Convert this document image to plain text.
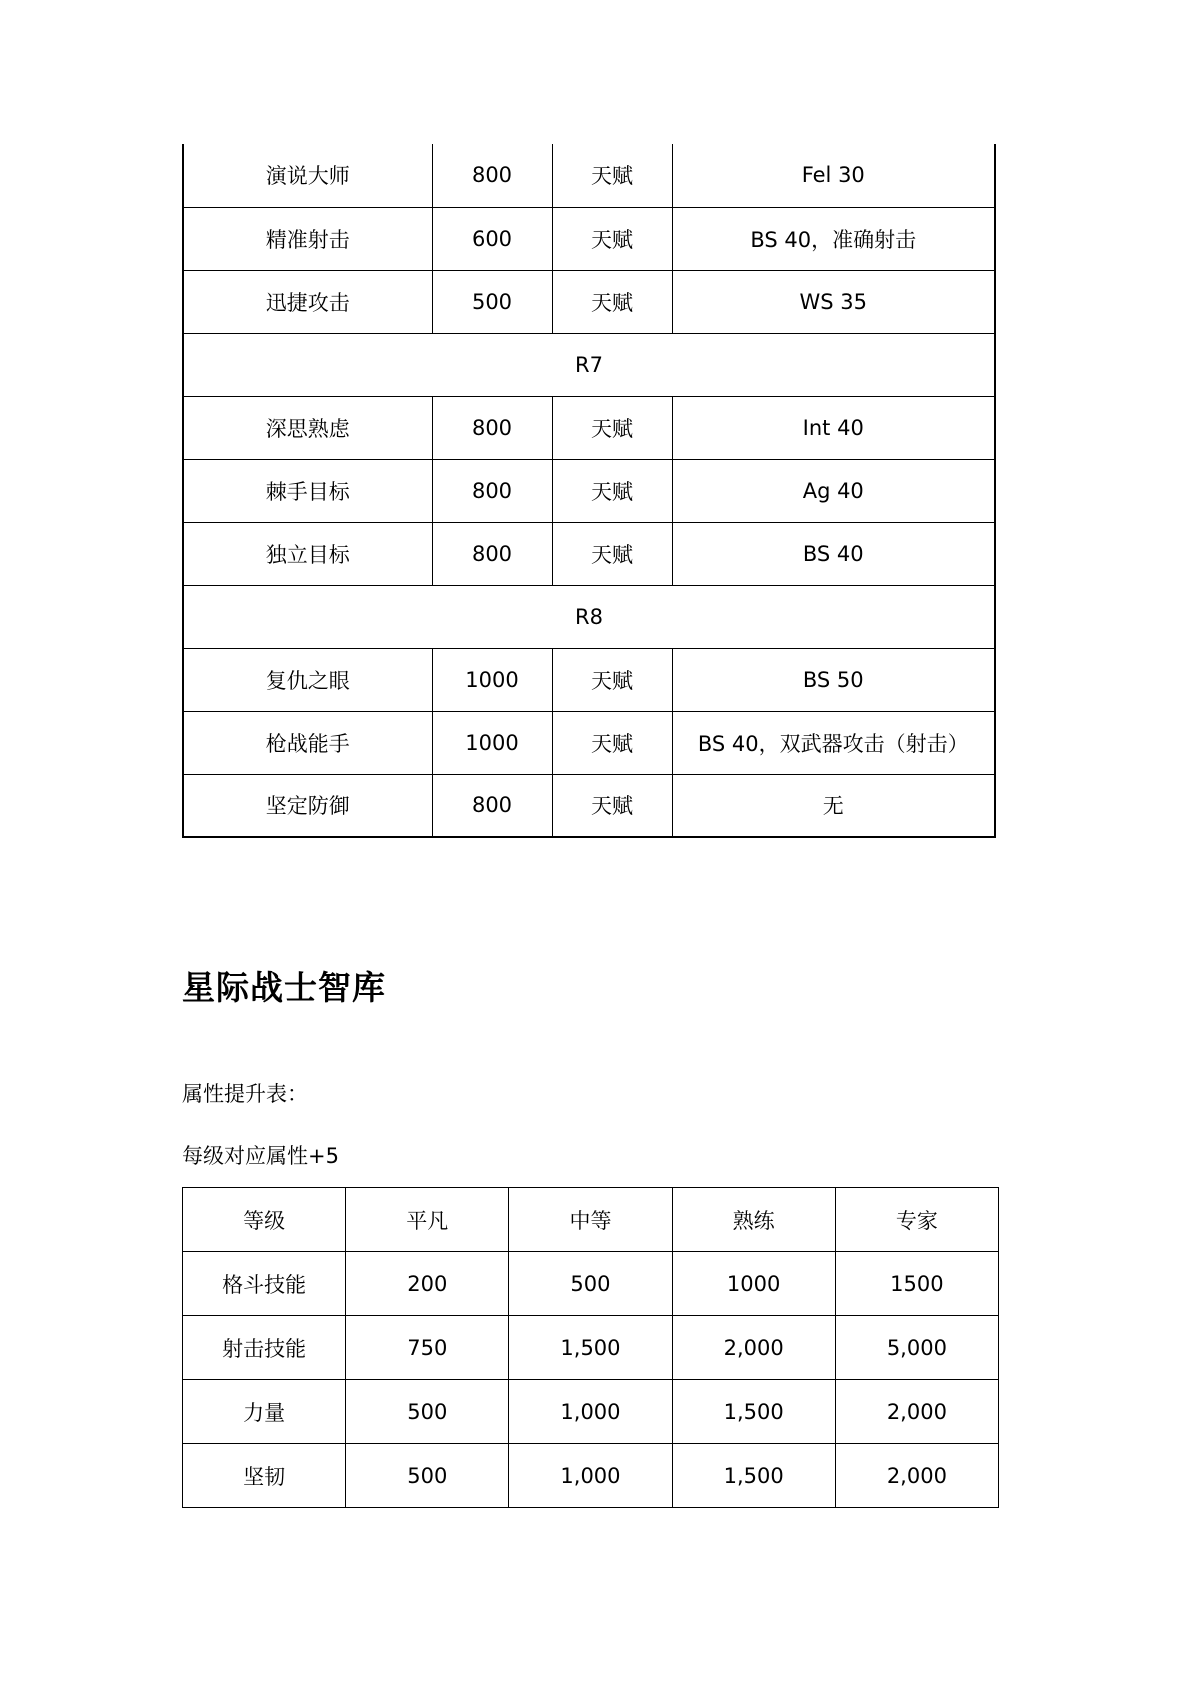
演说大师	800	天赋	Fel 30
精准射击	600	天赋	BS 40，准确射击
迅捷攻击	500	天赋	WS 35
R7			
深思熟虑	800	天赋	Int 40
棘手目标	800	天赋	Ag 40
独立目标	800	天赋	BS 40
R8			
复仇之眼	1000	天赋	BS 50
枪战能手	1000	天赋	BS 40，双武器攻击（射击）
坚定防御	800	天赋	无
星际战士智库

属性提升表：

每级对应属性+5

等级	平凡	中等	熟练	专家
格斗技能	200	500	1000	1500
射击技能	750	1,500	2,000	5,000
力量	500	1,000	1,500	2,000
坚韧	500	1,000	1,500	2,000
